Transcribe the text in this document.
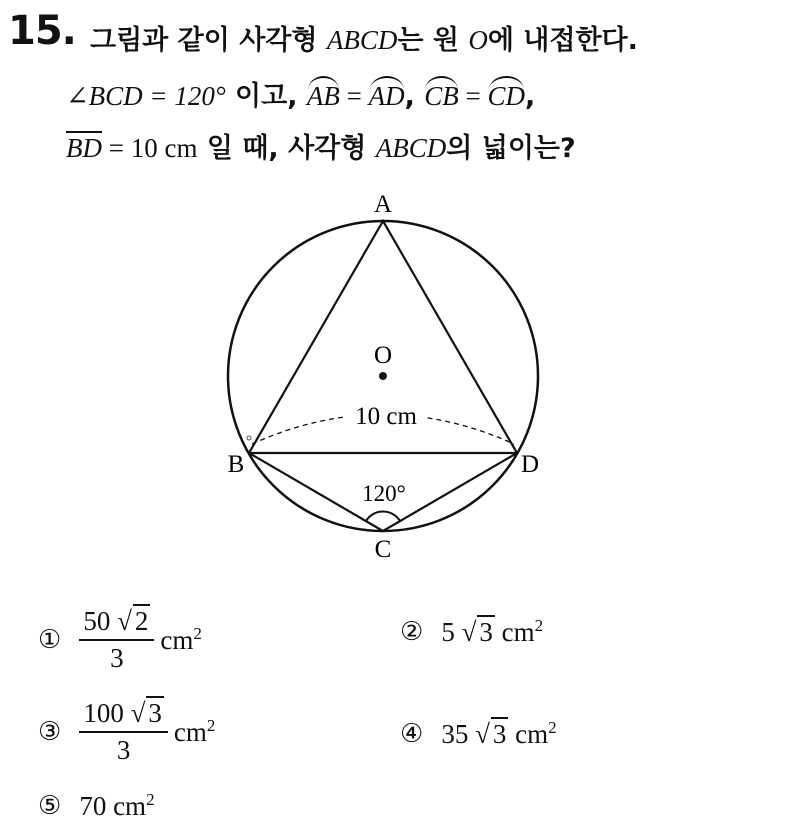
15. 그림과 같이 사각형 ABCD는 원 O에 내접한다.
∠BCD = 120° 이고, AB = AD, CB = CD,
$\overline{BD} = 10$ cm 일 때, 사각형 ABCD의 넓이는?
A
O
B	D
C
10 cm
120°
① $\frac{50 √ 2}{3} cm^2$	② 5 √ 3 $cm^2$
③ $\frac{100 √ 3}{3} cm^2$	④ 35 √ 3 $cm^2$
⑤ 70 $cm^2$
